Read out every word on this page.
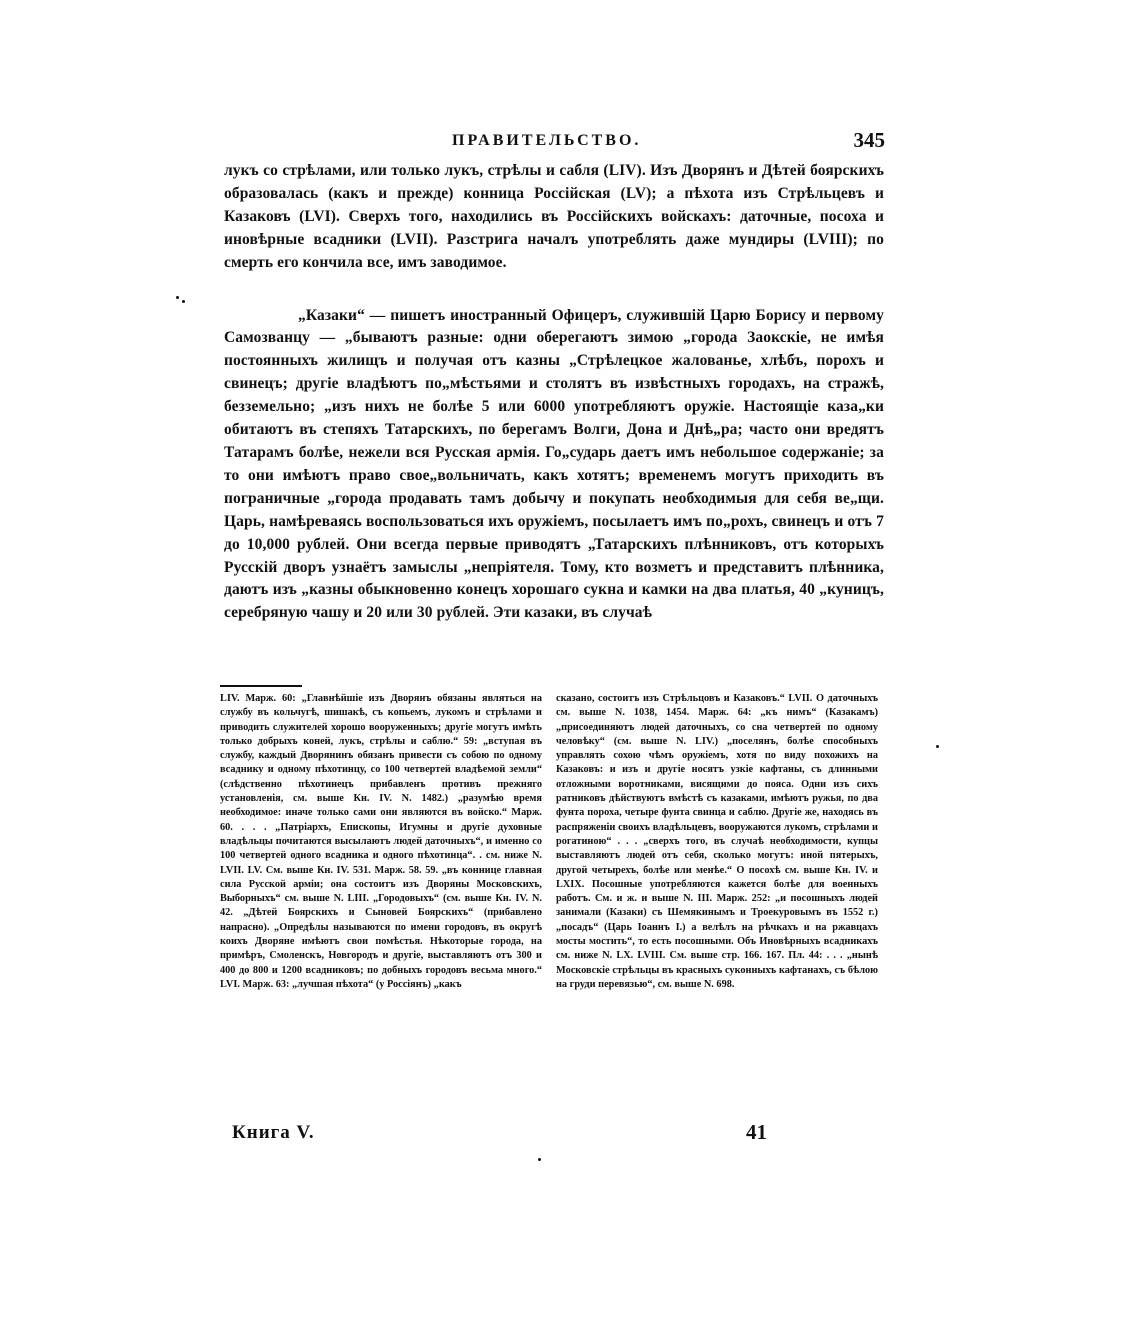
ПРАВИТЕЛЬСТВО.	345

лукъ со стрѣлами, или только лукъ, стрѣлы и сабля (LIV). Изъ Дворянъ и Дѣтей боярскихъ образовалась (какъ и прежде) конница Россійская (LV); а пѣхота изъ Стрѣльцевъ и Казаковъ (LVI). Сверхъ того, находились въ Россійскихъ войскахъ: даточные, посоха и иновѣрные всадники (LVII). Разстрига началъ употреблять даже мундиры (LVIII); по смерть его кончила все, имъ заводимое.

„Казаки“ — пишетъ иностранный Офицеръ, служившій Царю Борису и первому Самозванцу — „бываютъ разные: одни оберегаютъ зимою „города Заокскіе, не имѣя постоянныхъ жилищъ и получая отъ казны „Стрѣлецкое жалованье, хлѣбъ, порохъ и свинецъ; другіе владѣютъ по„мѣстьями и столятъ въ извѣстныхъ городахъ, на стражѣ, безземельно; „изъ нихъ не болѣе 5 или 6000 употребляютъ оружіе. Настоящіе каза„ки обитаютъ въ степяхъ Татарскихъ, по берегамъ Волги, Дона и Днѣ„ра; часто они вредятъ Татарамъ болѣе, нежели вся Русская армія. Го„сударь даетъ имъ небольшое содержаніе; за то они имѣютъ право свое„вольничать, какъ хотятъ; временемъ могутъ приходить въ пограничные „города продавать тамъ добычу и покупать необходимыя для себя ве„щи. Царь, намѣреваясь воспользоваться ихъ оружіемъ, посылаетъ имъ по„рохъ, свинецъ и отъ 7 до 10,000 рублей. Они всегда первые приводятъ „Татарскихъ плѣнниковъ, отъ которыхъ Русскій дворъ узнаётъ замыслы „непріятеля. Тому, кто возметъ и представитъ плѣнника, даютъ изъ „казны обыкновенно конецъ хорошаго сукна и камки на два платья, 40 „куницъ, серебряную чашу и 20 или 30 рублей. Эти казаки, въ случаѣ

LIV. Марж. 60: „Главнѣйшіе изъ Дворянъ обязаны являться на службу въ кольчугѣ, шишакѣ, съ копьемъ, лукомъ и стрѣлами и приводить служителей хорошо вооруженныхъ; другіе могутъ имѣть только добрыхъ коней, лукъ, стрѣлы и саблю.“ 59: „вступая въ службу, каждый Дворянинъ обязанъ привести съ собою по одному всаднику и одному пѣхотинцу, со 100 четвертей владѣемой земли“ (слѣдственно пѣхотинецъ прибавленъ противъ прежняго установленія, см. выше Кн. IV. N. 1482.) „разумѣю время необходимое: иначе только сами они являются въ войско.“ Марж. 60. . . . „Патріархъ, Епископы, Игумны и другіе духовные владѣльцы почитаются высылаютъ людей даточныхъ“, и именно со 100 четвертей одного всадника и одного пѣхотинца“. . см. ниже N. LVII. LV. См. выше Кн. IV. 531. Марж. 58. 59. „въ коннице главная сила Русской арміи; она состоитъ изъ Дворяны Московскихъ, Выборныхъ“ см. выше N. LIII. „Городовыхъ“ (см. выше Кн. IV. N. 42. „Дѣтей Боярскихъ и Сыновей Боярскихъ“ (прибавлено напрасно). „Опредѣлы называются по имени городовъ, въ округѣ коихъ Дворяне имѣютъ свои помѣстья. Нѣкоторые города, на примѣръ, Смоленскъ, Новгородъ и другіе, выставляютъ отъ 300 и 400 до 800 и 1200 всадниковъ; по добныхъ городовъ весьма много.“ LVI. Марж. 63: „лучшая пѣхота“ (у Россіянъ) „какъ

сказано, состоитъ изъ Стрѣльцовъ и Казаковъ.“ LVII. О даточныхъ см. выше N. 1038, 1454. Марж. 64: „къ нимъ“ (Казакамъ) „присоединяютъ людей даточныхъ, со сна четвертей по одному человѣку“ (см. выше N. LIV.) „поселянъ, болѣе способныхъ управлять сохою чѣмъ оружіемъ, хотя по виду похожихъ на Казаковъ: и изъ и другіе носятъ узкіе кафтаны, съ длинными отложными воротниками, висящими до пояса. Одни изъ сихъ ратниковъ дѣйствуютъ вмѣстѣ съ казаками, имѣютъ ружья, по два фунта пороха, четыре фунта свинца и саблю. Другіе же, находясь въ распряженіи своихъ владѣльцевъ, вооружаются лукомъ, стрѣлами и рогатиною“ . . . „сверхъ того, въ случаѣ необходимости, купцы выставляютъ людей отъ себя, сколько могутъ: иной пятерыхъ, другой четырехъ, болѣе или менѣе.“ О посохѣ см. выше Кн. IV. и LXIX. Посошные употребляются кажется болѣе для военныхъ работъ. См. и ж. и выше N. III. Марж. 252: „и посошныхъ людей занимали (Казаки) съ Шемякинымъ и Троекуровымъ въ 1552 г.) „посадъ“ (Царь Іоаннъ I.) а велѣлъ на рѣчкахъ и на ржавцахъ мосты мостить“, то есть посошными. Объ Иновѣрныхъ всадникахъ см. ниже N. LX. LVIII. См. выше стр. 166. 167. Пл. 44: . . . „нынѣ Московскіе стрѣльцы въ красныхъ суконныхъ кафтанахъ, съ бѣлою на груди перевязью“, см. выше N. 698.

Книга V.	41
